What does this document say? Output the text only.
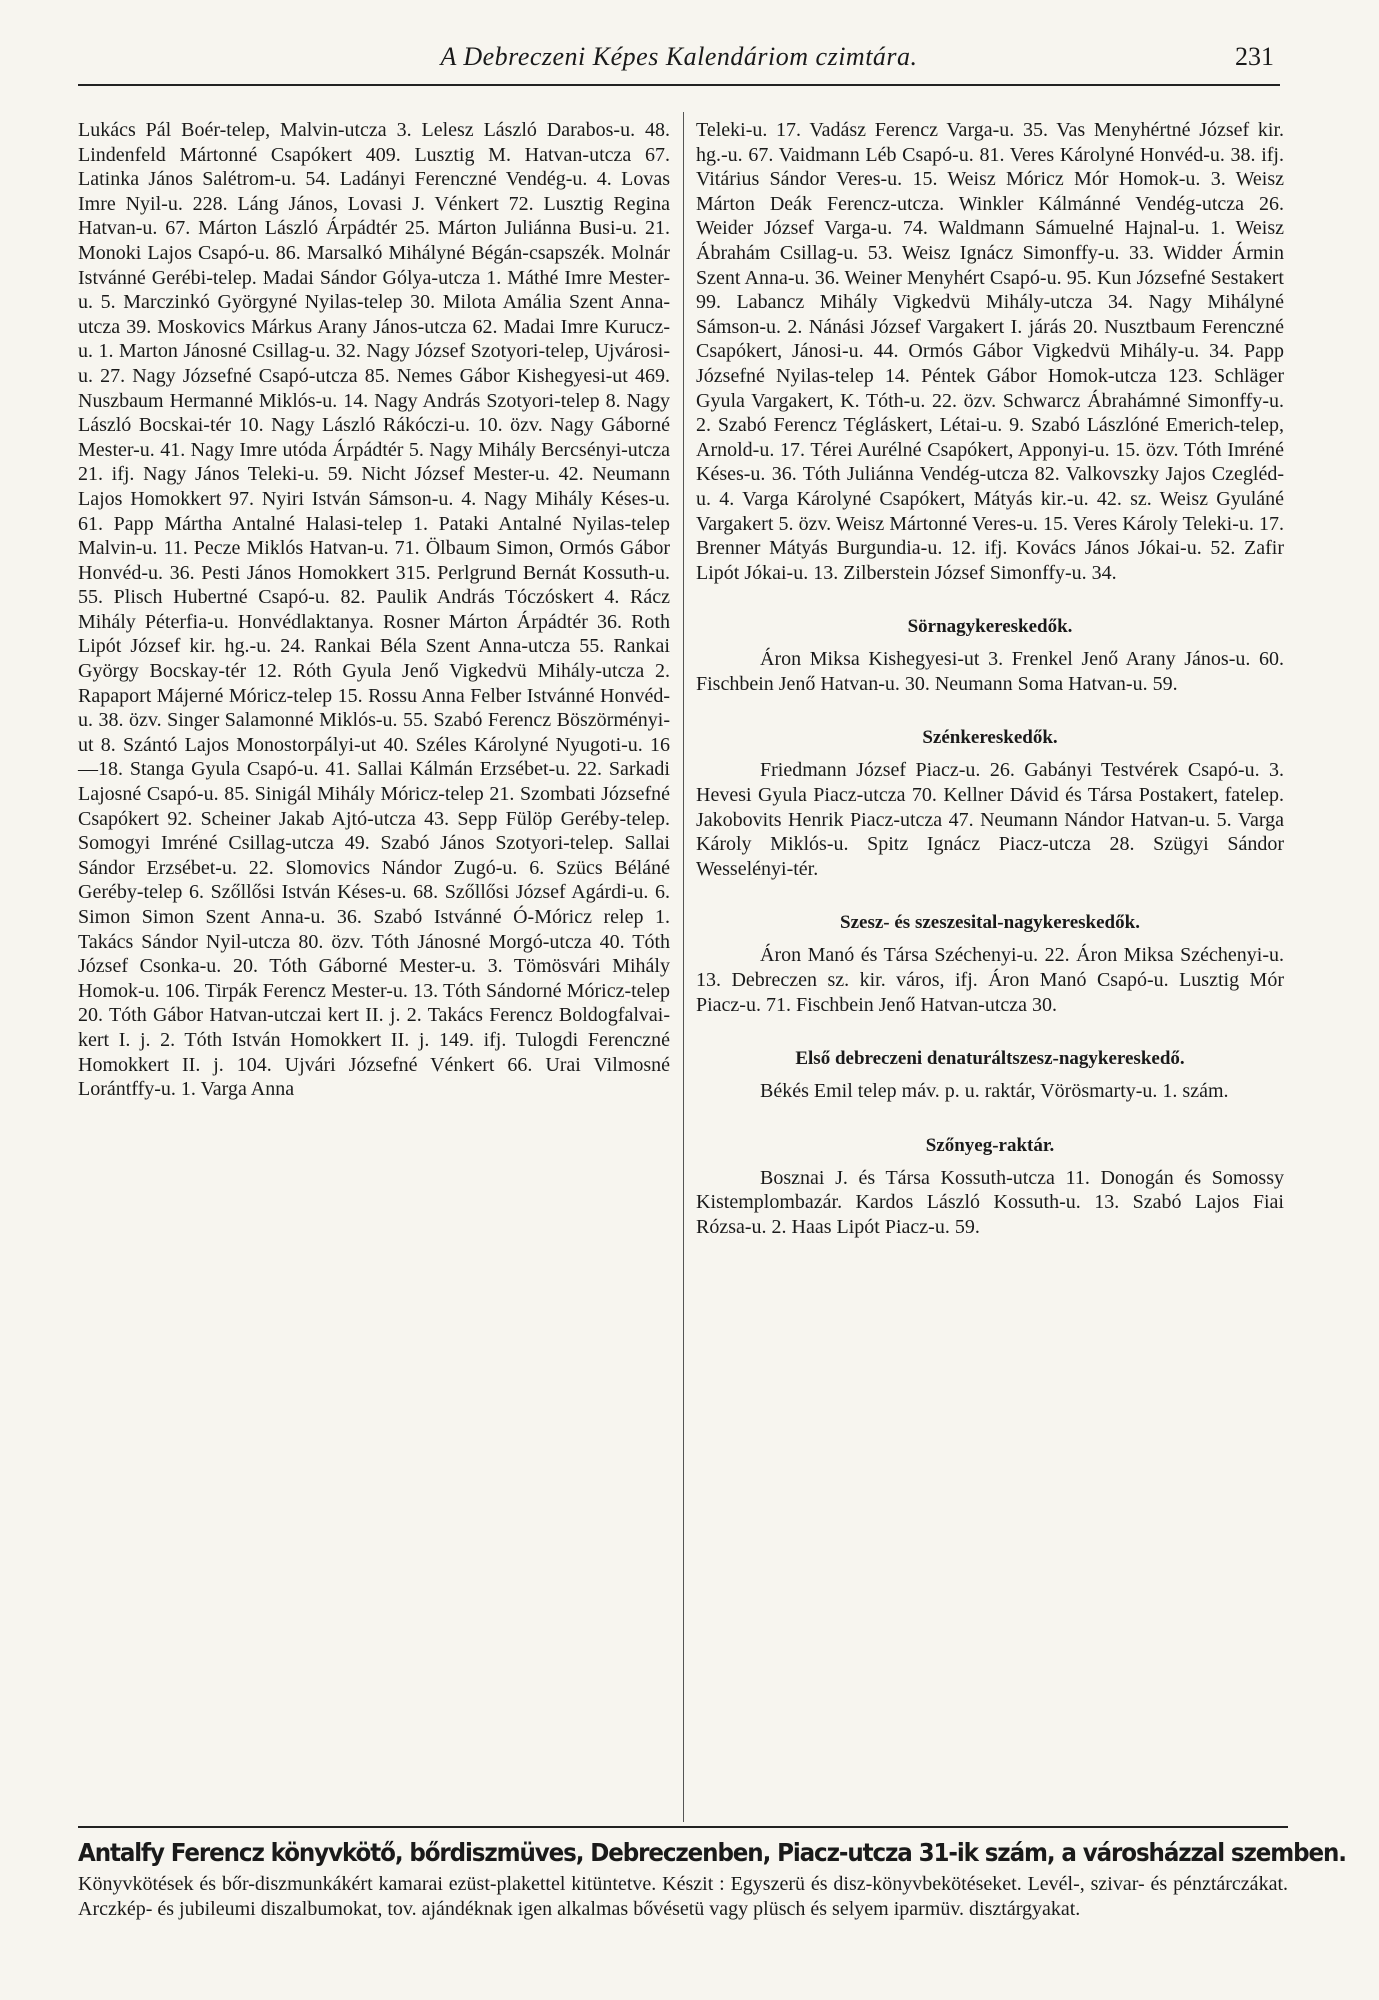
A Debreczeni Képes Kalendáriom czimtára.	231

Lukács Pál Boér-telep, Malvin-utcza 3. Lelesz László Darabos-u. 48. Lindenfeld Mártonné Csapókert 409. Lusztig M. Hatvan-utcza 67. Latinka János Salétrom-u. 54. Ladányi Ferenczné Vendég-u. 4. Lovas Imre Nyil-u. 228. Láng János, Lovasi J. Vénkert 72. Lusztig Regina Hatvan-u. 67. Márton László Árpádtér 25. Márton Juliánna Busi-u. 21. Monoki Lajos Csapó-u. 86. Marsalkó Mihályné Bégán-csapszék. Molnár Istvánné Gerébi-telep. Madai Sándor Gólya-utcza 1. Máthé Imre Mester-u. 5. Marczinkó Györgyné Nyilas-telep 30. Milota Amália Szent Anna-utcza 39. Moskovics Márkus Arany János-utcza 62. Madai Imre Kurucz-u. 1. Marton Jánosné Csillag-u. 32. Nagy József Szotyori-telep, Ujvárosi-u. 27. Nagy Józsefné Csapó-utcza 85. Nemes Gábor Kishegyesi-ut 469. Nuszbaum Hermanné Miklós-u. 14. Nagy András Szotyori-telep 8. Nagy László Bocskai-tér 10. Nagy László Rákóczi-u. 10. özv. Nagy Gáborné Mester-u. 41. Nagy Imre utóda Árpádtér 5. Nagy Mihály Bercsényi-utcza 21. ifj. Nagy János Teleki-u. 59. Nicht József Mester-u. 42. Neumann Lajos Homokkert 97. Nyiri István Sámson-u. 4. Nagy Mihály Késes-u. 61. Papp Mártha Antalné Halasi-telep 1. Pataki Antalné Nyilas-telep Malvin-u. 11. Pecze Miklós Hatvan-u. 71. Ölbaum Simon, Ormós Gábor Honvéd-u. 36. Pesti János Homokkert 315. Perlgrund Bernát Kossuth-u. 55. Plisch Hubertné Csapó-u. 82. Paulik András Tóczóskert 4. Rácz Mihály Péterfia-u. Honvédlaktanya. Rosner Márton Árpádtér 36. Roth Lipót József kir. hg.-u. 24. Rankai Béla Szent Anna-utcza 55. Rankai György Bocskay-tér 12. Róth Gyula Jenő Vigkedvü Mihály-utcza 2. Rapaport Májerné Móricz-telep 15. Rossu Anna Felber Istvánné Honvéd-u. 38. özv. Singer Salamonné Miklós-u. 55. Szabó Ferencz Böszörményi-ut 8. Szántó Lajos Monostorpályi-ut 40. Széles Károlyné Nyugoti-u. 16—18. Stanga Gyula Csapó-u. 41. Sallai Kálmán Erzsébet-u. 22. Sarkadi Lajosné Csapó-u. 85. Sinigál Mihály Móricz-telep 21. Szombati Józsefné Csapókert 92. Scheiner Jakab Ajtó-utcza 43. Sepp Fülöp Geréby-telep. Somogyi Imréné Csillag-utcza 49. Szabó János Szotyori-telep. Sallai Sándor Erzsébet-u. 22. Slomovics Nándor Zugó-u. 6. Szücs Béláné Geréby-telep 6. Szőllősi István Késes-u. 68. Szőllősi József Agárdi-u. 6. Simon Simon Szent Anna-u. 36. Szabó Istvánné Ó-Móricz relep 1. Takács Sándor Nyil-utcza 80. özv. Tóth Jánosné Morgó-utcza 40. Tóth József Csonka-u. 20. Tóth Gáborné Mester-u. 3. Tömösvári Mihály Homok-u. 106. Tirpák Ferencz Mester-u. 13. Tóth Sándorné Móricz-telep 20. Tóth Gábor Hatvan-utczai kert II. j. 2. Takács Ferencz Boldogfalvai-kert I. j. 2. Tóth István Homokkert II. j. 149. ifj. Tulogdi Ferenczné Homokkert II. j. 104. Ujvári Józsefné Vénkert 66. Urai Vilmosné Lorántffy-u. 1. Varga Anna

Teleki-u. 17. Vadász Ferencz Varga-u. 35. Vas Menyhértné József kir. hg.-u. 67. Vaidmann Léb Csapó-u. 81. Veres Károlyné Honvéd-u. 38. ifj. Vitárius Sándor Veres-u. 15. Weisz Móricz Mór Homok-u. 3. Weisz Márton Deák Ferencz-utcza. Winkler Kálmánné Vendég-utcza 26. Weider József Varga-u. 74. Waldmann Sámuelné Hajnal-u. 1. Weisz Ábrahám Csillag-u. 53. Weisz Ignácz Simonffy-u. 33. Widder Ármin Szent Anna-u. 36. Weiner Menyhért Csapó-u. 95. Kun Józsefné Sestakert 99. Labancz Mihály Vigkedvü Mihály-utcza 34. Nagy Mihályné Sámson-u. 2. Nánási József Vargakert I. járás 20. Nusztbaum Ferenczné Csapókert, Jánosi-u. 44. Ormós Gábor Vigkedvü Mihály-u. 34. Papp Józsefné Nyilas-telep 14. Péntek Gábor Homok-utcza 123. Schläger Gyula Vargakert, K. Tóth-u. 22. özv. Schwarcz Ábrahámné Simonffy-u. 2. Szabó Ferencz Tégláskert, Létai-u. 9. Szabó Lászlóné Emerich-telep, Arnold-u. 17. Térei Aurélné Csapókert, Apponyi-u. 15. özv. Tóth Imréné Késes-u. 36. Tóth Juliánna Vendég-utcza 82. Valkovszky Jajos Czegléd-u. 4. Varga Károlyné Csapókert, Mátyás kir.-u. 42. sz. Weisz Gyuláné Vargakert 5. özv. Weisz Mártonné Veres-u. 15. Veres Károly Teleki-u. 17. Brenner Mátyás Burgundia-u. 12. ifj. Kovács János Jókai-u. 52. Zafir Lipót Jókai-u. 13. Zilberstein József Simonffy-u. 34.

Sörnagykereskedők.

Áron Miksa Kishegyesi-ut 3. Frenkel Jenő Arany János-u. 60. Fischbein Jenő Hatvan-u. 30. Neumann Soma Hatvan-u. 59.

Szénkereskedők.

Friedmann József Piacz-u. 26. Gabányi Testvérek Csapó-u. 3. Hevesi Gyula Piacz-utcza 70. Kellner Dávid és Társa Postakert, fatelep. Jakobovits Henrik Piacz-utcza 47. Neumann Nándor Hatvan-u. 5. Varga Károly Miklós-u. Spitz Ignácz Piacz-utcza 28. Szügyi Sándor Wesselényi-tér.

Szesz- és szeszesital-nagykereskedők.

Áron Manó és Társa Széchenyi-u. 22. Áron Miksa Széchenyi-u. 13. Debreczen sz. kir. város, ifj. Áron Manó Csapó-u. Lusztig Mór Piacz-u. 71. Fischbein Jenő Hatvan-utcza 30.

Első debreczeni denaturáltszesz-nagykereskedő.

Békés Emil telep máv. p. u. raktár, Vörösmarty-u. 1. szám.

Szőnyeg-raktár.

Bosznai J. és Társa Kossuth-utcza 11. Donogán és Somossy Kistemplombazár. Kardos László Kossuth-u. 13. Szabó Lajos Fiai Rózsa-u. 2. Haas Lipót Piacz-u. 59.

Antalfy Ferencz könyvkötő, bőrdiszmüves, Debreczenben, Piacz-utcza 31-ik szám, a városházzal szemben.
Könyvkötések és bőr-diszmunkákért kamarai ezüst-plakettel kitüntetve. Készit : Egyszerü és disz-könyvbekötéseket. Levél-, szivar- és pénztárczákat. Arczkép- és jubileumi diszalbumokat, tov. ajándéknak igen alkalmas bővésetü vagy plüsch és selyem iparmüv. disztárgyakat.
